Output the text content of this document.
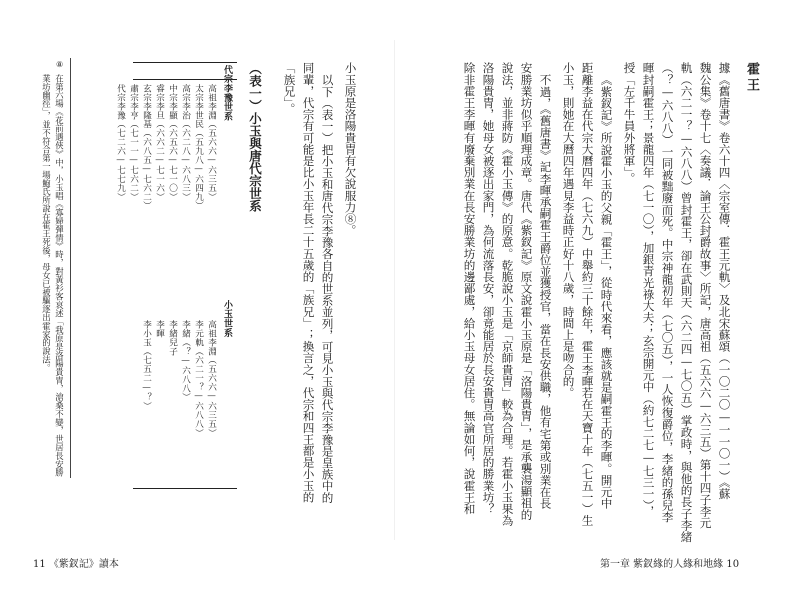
霍王
據《舊唐書》卷六十四〈宗室傳．霍王元軌〉及北宋蘇頌（一〇二〇—一一〇一）《蘇
魏公集》卷十七〈奏議．論王公封爵故事〉所記，唐高祖（五六六—六三五）第十四子李元
軌（六二一？—六八八）曾封霍王，卻在武則天（六二四—七〇五）掌政時，與他的長子李緒
（？—六八八）一同被黜廢而死。中宗神龍初年（七〇五），一人恢復爵位，李緒的孫兒李
暉封嗣霍王；景龍四年（七一〇），加銀青光祿大夫；玄宗開元中（約七二七—七三一），
授「左千牛員外將軍」。
《紫釵記》所說霍小玉的父親「霍王」，從時代來看，應該就是嗣霍王的李暉。開元中
距離李益在代宗大曆四年（七六九）中舉約三十餘年，霍王李暉若在天寶十年（七五一）生
小玉，則她在大曆四年遇見李益時正好十八歲，時間上是吻合的。
不過，《舊唐書》記李暉承嗣霍王爵位並獲授官，當在長安供職，他有宅第或別業在長
安勝業坊似乎順理成章。唐代《紫釵記》原文說霍小玉原是「洛陽貴冑」，是承襲湯顯祖的
說法，並非蔣防《霍小玉傳》的原意。乾脆說小玉是「京師貴冑」較為合理。若霍小玉果為
洛陽貴冑，她母女被逐出家門，為何流落長安，卻竟能居於長安貴冑高官所居的勝業坊？
除非霍王李暉有廢棄別業在長安勝業坊的邊鄙處，給小玉母女居住。無論如何，說霍王和
第一章 紫釵緣的人緣和地緣 10
小玉原是洛陽貴冑有欠說服力⑧。
以下（表一）把小玉和唐代宗李豫各自的世系並列，可見小玉與代宗李豫是皇族中的
同輩，代宗有可能是比小玉年長二十五歲的「族兄」；換言之，代宗和四王都是小玉的
「族兄」。
（表一）小玉與唐代宗世系
代宗李豫世系
高祖李淵（五六六—六三五）
太宗李世民（五九八—六四九）
高宗李治（六二八—六八三）
中宗李顯（六五六—七一〇）
睿宗李旦（六六二—七一六）
玄宗李隆基（六八五—七六二）
肅宗李亨（七一一—七六二）
代宗李豫（七二六—七七九）
小玉世系
高祖李淵（五六六—六三五）
李元軌（六二一？—六八八）
李緒（？—六八八）
李緒兒子
李暉
李小玉（七五二—？）
⑧
在第六場《花前遇俠》中，小玉唱《寡婦彈情》時，對黃衫客哀述「我原是洛陽貴冑，滄桑不變，世居長安勝
業坊幽徑」，並不符合第一場鮑氏所說在霍王死後，母女已被驅逐出霍家的說法。
11 《紫釵記》讀本
